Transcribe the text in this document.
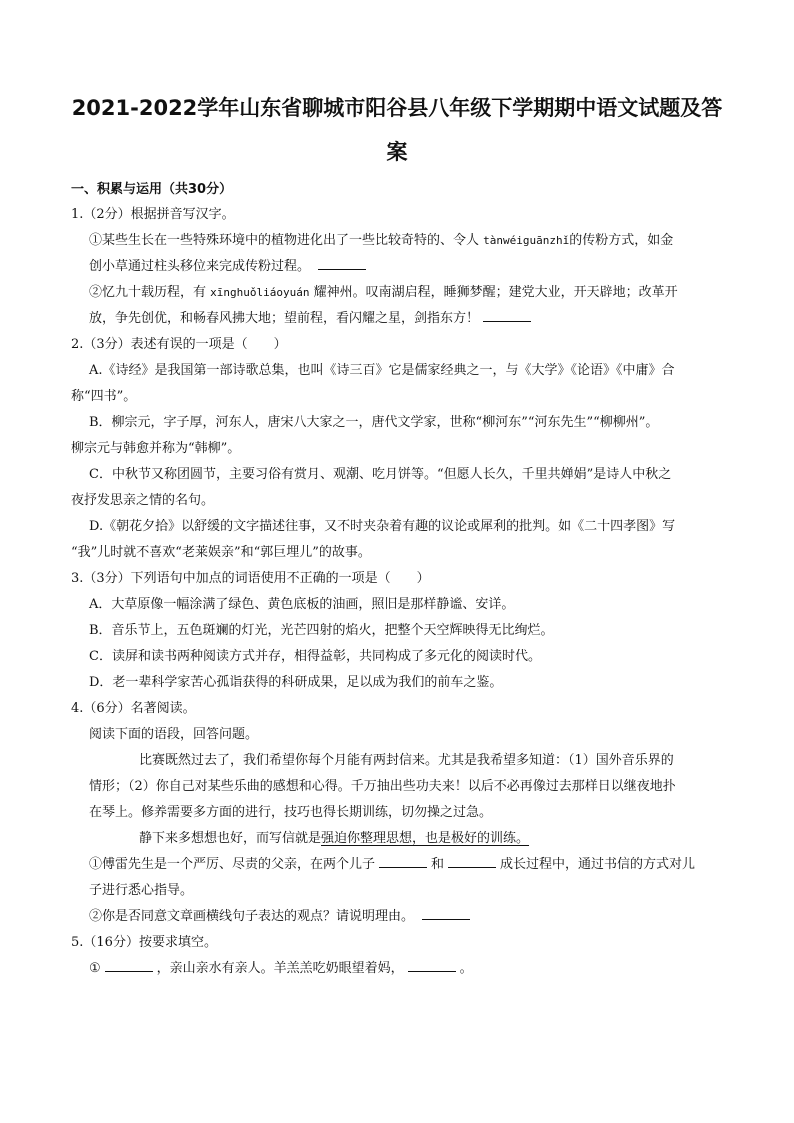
2021-2022学年山东省聊城市阳谷县八年级下学期期中语文试题及答
案
一、积累与运用（共30分）
1.（2分）根据拼音写汉字。
①某些生长在一些特殊环境中的植物进化出了一些比较奇特的、令人 tànwéiguānzhǐ的传粉方式，如金
创小草通过柱头移位来完成传粉过程。
②忆九十载历程，有 xīnghuǒliáoyuán 耀神州。叹南湖启程，睡狮梦醒；建党大业，开天辟地；改革开
放，争先创优，和畅春风拂大地；望前程，看闪耀之星，剑指东方！
2.（3分）表述有误的一项是（　　）
A.《诗经》是我国第一部诗歌总集，也叫《诗三百》它是儒家经典之一，与《大学》《论语》《中庸》合
称“四书”。
B．柳宗元，字子厚，河东人，唐宋八大家之一，唐代文学家，世称“柳河东”“河东先生”“柳柳州”。
柳宗元与韩愈并称为“韩柳”。
C．中秋节又称团圆节，主要习俗有赏月、观潮、吃月饼等。“但愿人长久，千里共婵娟”是诗人中秋之
夜抒发思亲之情的名句。
D.《朝花夕拾》以舒缓的文字描述往事，又不时夹杂着有趣的议论或犀利的批判。如《二十四孝图》写
“我”儿时就不喜欢“老莱娱亲”和“郭巨埋儿”的故事。
3.（3分）下列语句中加点的词语使用不正确的一项是（　　）
A．大草原像一幅涂满了绿色、黄色底板的油画，照旧是那样静谧、安详。
B．音乐节上，五色斑斓的灯光，光芒四射的焰火，把整个天空辉映得无比绚烂。
C．读屏和读书两种阅读方式并存，相得益彰，共同构成了多元化的阅读时代。
D．老一辈科学家苦心孤诣获得的科研成果，足以成为我们的前车之鉴。
4.（6分）名著阅读。
阅读下面的语段，回答问题。
比赛既然过去了，我们希望你每个月能有两封信来。尤其是我希望多知道：（1）国外音乐界的
情形；（2）你自己对某些乐曲的感想和心得。千万抽出些功夫来！以后不必再像过去那样日以继夜地扑
在琴上。修养需要多方面的进行，技巧也得长期训练，切勿操之过急。
静下来多想想也好，而写信就是强迫你整理思想，也是极好的训练。
①傅雷先生是一个严厉、尽责的父亲，在两个儿子	和	成长过程中，通过书信的方式对儿
子进行悉心指导。
②你是否同意文章画横线句子表达的观点？请说明理由。
5.（16分）按要求填空。
①	，亲山亲水有亲人。羊羔羔吃奶眼望着妈，	。
